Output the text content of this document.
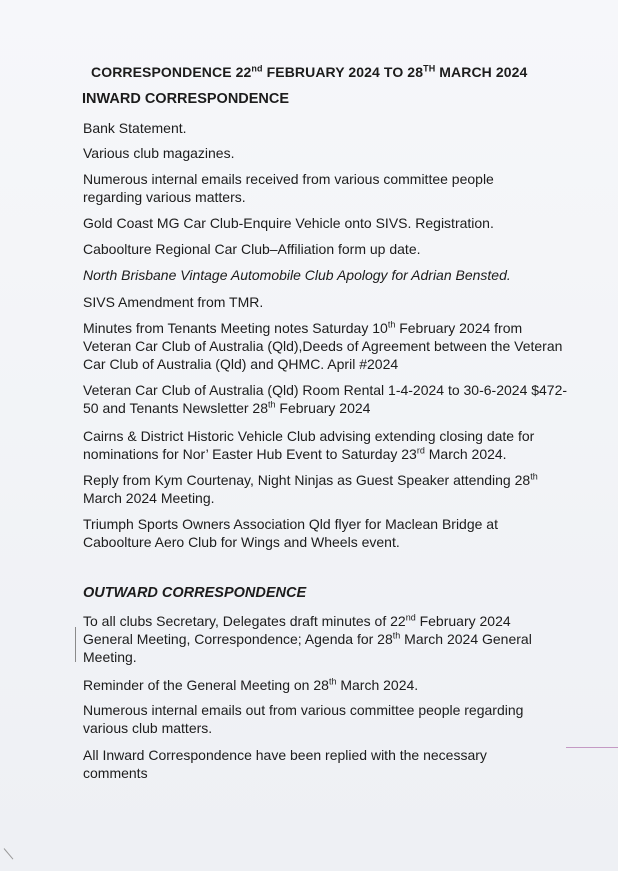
CORRESPONDENCE 22nd FEBRUARY 2024 TO 28TH MARCH 2024
INWARD CORRESPONDENCE
Bank Statement.
Various club magazines.
Numerous internal emails received from various committee people regarding various matters.
Gold Coast MG Car Club-Enquire Vehicle onto SIVS. Registration.
Caboolture Regional Car Club–Affiliation form up date.
North Brisbane Vintage Automobile Club Apology for Adrian Bensted.
SIVS Amendment from TMR.
Minutes from Tenants Meeting notes Saturday 10th February 2024 from Veteran Car Club of Australia (Qld),Deeds of Agreement between the Veteran Car Club of Australia (Qld) and QHMC. April #2024
Veteran Car Club of Australia (Qld) Room Rental 1-4-2024 to 30-6-2024 $472-50 and Tenants Newsletter 28th February 2024
Cairns & District Historic Vehicle Club advising extending closing date for nominations for Nor’ Easter Hub Event to Saturday 23rd March 2024.
Reply from Kym Courtenay, Night Ninjas as Guest Speaker attending 28th March 2024 Meeting.
Triumph Sports Owners Association Qld flyer for Maclean Bridge at Caboolture Aero Club for Wings and Wheels event.
OUTWARD CORRESPONDENCE
To all clubs Secretary, Delegates draft minutes of 22nd February 2024 General Meeting, Correspondence; Agenda for 28th March 2024 General Meeting.
Reminder of the General Meeting on 28th March 2024.
Numerous internal emails out from various committee people regarding various club matters.
All Inward Correspondence have been replied with the necessary comments
